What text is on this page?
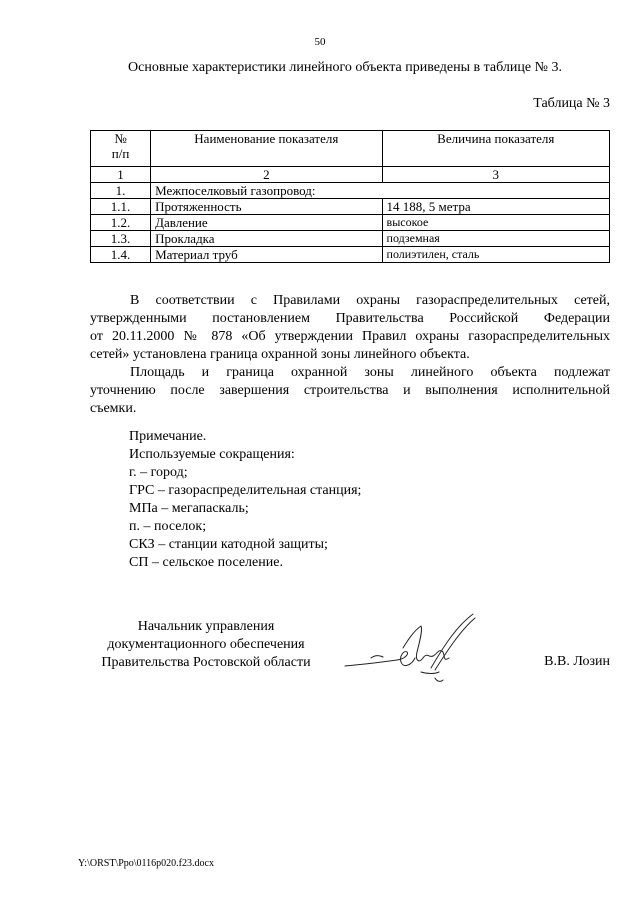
50
Основные характеристики линейного объекта приведены в таблице № 3.
Таблица № 3
№
п/п	Наименование показателя	Величина показателя
1	2	3
1.	Межпоселковый газопровод:	
1.1.	Протяженность	14 188, 5 метра
1.2.	Давление	высокое
1.3.	Прокладка	подземная
1.4.	Материал труб	полиэтилен, сталь
В соответствии с Правилами охраны газораспределительных сетей,
утвержденными постановлением Правительства Российской Федерации
от 20.11.2000 № 878 «Об утверждении Правил охраны газораспределительных
сетей» установлена граница охранной зоны линейного объекта.
Площадь и граница охранной зоны линейного объекта подлежат
уточнению после завершения строительства и выполнения исполнительной
съемки.
Примечание.
Используемые сокращения:
г. – город;
ГРС – газораспределительная станция;
МПа – мегапаскаль;
п. – поселок;
СКЗ – станции катодной защиты;
СП – сельское поселение.
Начальник управления
документационного обеспечения
Правительства Ростовской области	В.В. Лозин
Y:\ORST\Ppo\0116p020.f23.docx
